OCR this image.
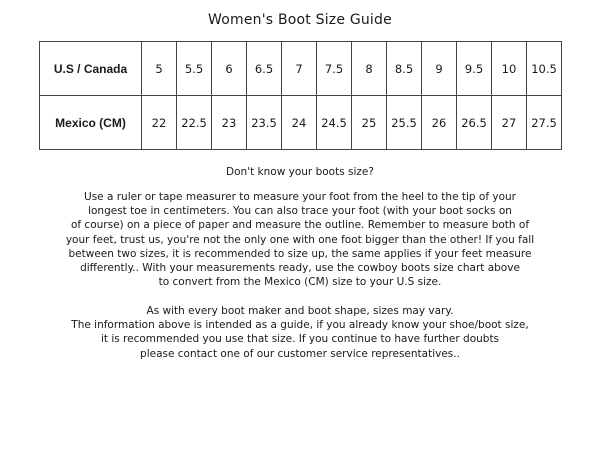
Women's Boot Size Guide
U.S / Canada	5	5.5	6	6.5	7	7.5	8	8.5	9	9.5	10	10.5
Mexico (CM)	22	22.5	23	23.5	24	24.5	25	25.5	26	26.5	27	27.5
Don't know your boots size?
Use a ruler or tape measurer to measure your foot from the heel to the tip of your
longest toe in centimeters. You can also trace your foot (with your boot socks on
of course) on a piece of paper and measure the outline. Remember to measure both of
your feet, trust us, you're not the only one with one foot bigger than the other! If you fall
between two sizes, it is recommended to size up, the same applies if your feet measure
differently.. With your measurements ready, use the cowboy boots size chart above
to convert from the Mexico (CM) size to your U.S size.
As with every boot maker and boot shape, sizes may vary.
The information above is intended as a guide, if you already know your shoe/boot size,
it is recommended you use that size. If you continue to have further doubts
please contact one of our customer service representatives..
